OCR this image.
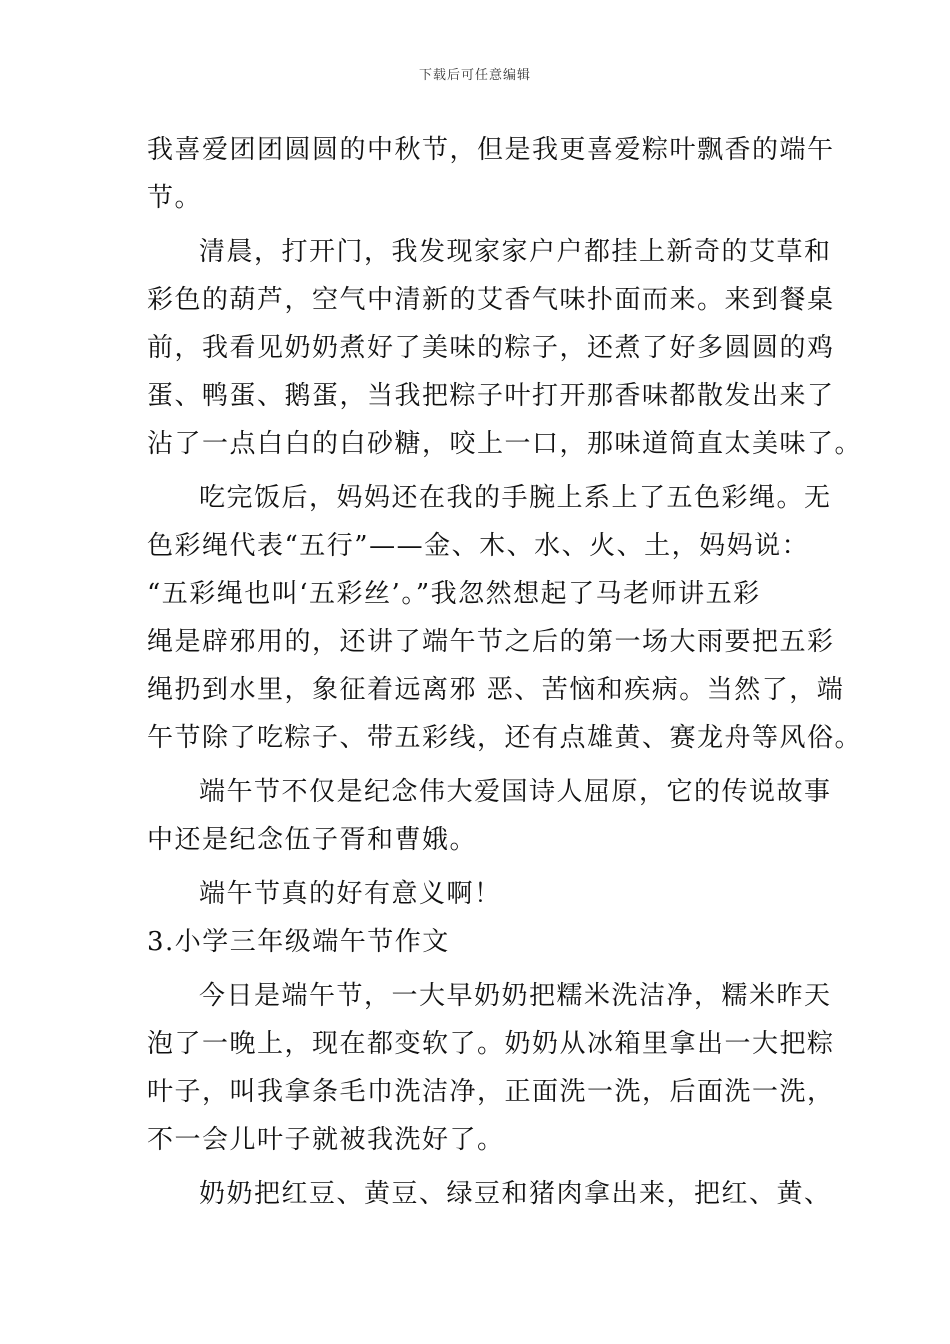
下载后可任意编辑
我喜爱团团圆圆的中秋节，但是我更喜爱粽叶飘香的端午
节。
清晨，打开门，我发现家家户户都挂上新奇的艾草和
彩色的葫芦，空气中清新的艾香气味扑面而来。来到餐桌
前，我看见奶奶煮好了美味的粽子，还煮了好多圆圆的鸡
蛋、鸭蛋、鹅蛋，当我把粽子叶打开那香味都散发出来了
沾了一点白白的白砂糖，咬上一口，那味道简直太美味了。
吃完饭后，妈妈还在我的手腕上系上了五色彩绳。无
色彩绳代表“五行”——金、木、水、火、土，妈妈说：
“五彩绳也叫‘五彩丝’。”我忽然想起了马老师讲五彩
绳是辟邪用的，还讲了端午节之后的第一场大雨要把五彩
绳扔到水里，象征着远离邪 恶、苦恼和疾病。当然了，端
午节除了吃粽子、带五彩线，还有点雄黄、赛龙舟等风俗。
端午节不仅是纪念伟大爱国诗人屈原，它的传说故事
中还是纪念伍子胥和曹娥。
端午节真的好有意义啊！
3.小学三年级端午节作文
今日是端午节，一大早奶奶把糯米洗洁净，糯米昨天
泡了一晚上，现在都变软了。奶奶从冰箱里拿出一大把粽
叶子，叫我拿条毛巾洗洁净，正面洗一洗，后面洗一洗，
不一会儿叶子就被我洗好了。
奶奶把红豆、黄豆、绿豆和猪肉拿出来，把红、黄、
